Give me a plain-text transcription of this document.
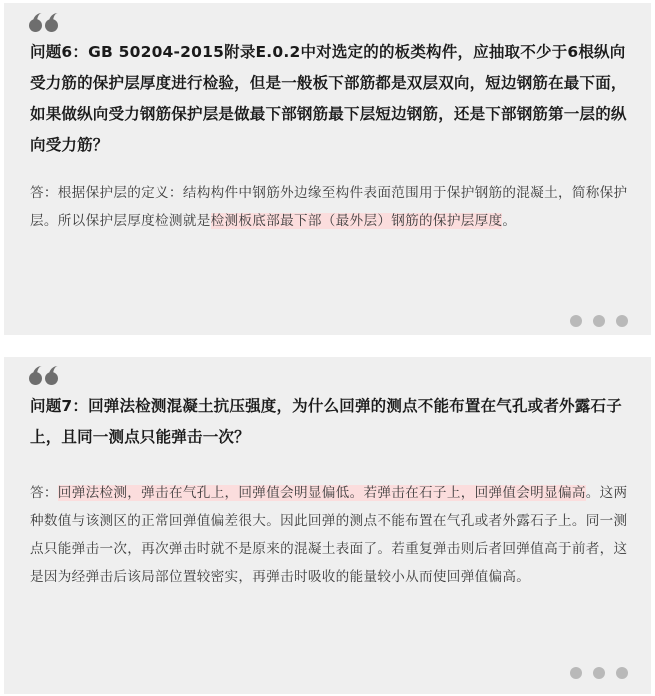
问题6：GB 50204-2015附录E.0.2中对选定的的板类构件，应抽取不少于6根纵向受力筋的保护层厚度进行检验，但是一般板下部筋都是双层双向，短边钢筋在最下面，如果做纵向受力钢筋保护层是做最下部钢筋最下层短边钢筋，还是下部钢筋第一层的纵向受力筋？
答：根据保护层的定义：结构构件中钢筋外边缘至构件表面范围用于保护钢筋的混凝土，简称保护层。所以保护层厚度检测就是检测板底部最下部（最外层）钢筋的保护层厚度。
问题7：回弹法检测混凝土抗压强度，为什么回弹的测点不能布置在气孔或者外露石子上，且同一测点只能弹击一次？
答：回弹法检测，弹击在气孔上，回弹值会明显偏低。若弹击在石子上，回弹值会明显偏高。这两种数值与该测区的正常回弹值偏差很大。因此回弹的测点不能布置在气孔或者外露石子上。同一测点只能弹击一次，再次弹击时就不是原来的混凝土表面了。若重复弹击则后者回弹值高于前者，这是因为经弹击后该局部位置较密实，再弹击时吸收的能量较小从而使回弹值偏高。
